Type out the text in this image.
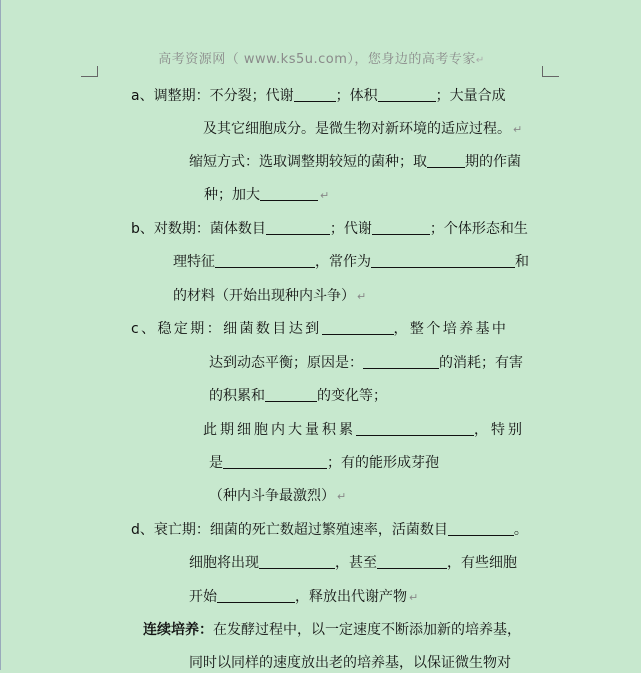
高考资源网（ www.ks5u.com），您身边的高考专家↵
a、调整期：不分裂；代谢	；体积	；大量合成
及其它细胞成分。是微生物对新环境的适应过程。 ↵
缩短方式：选取调整期较短的菌种；取	期的作菌
种；加大	↵
b、对数期：菌体数目	；代谢	；个体形态和生
理特征	，常作为	和
的材料（开始出现种内斗争） ↵
c、稳定期：细菌数目达到	，整个培养基中
达到动态平衡；原因是：	的消耗；有害
的积累和	的变化等；
此期细胞内大量积累	，特别
是	；有的能形成芽孢
（种内斗争最激烈） ↵
d、衰亡期：细菌的死亡数超过繁殖速率，活菌数目	。
细胞将出现	，甚至	，有些细胞
开始	，释放出代谢产物 ↵
连续培养：在发酵过程中，以一定速度不断添加新的培养基，
同时以同样的速度放出老的培养基，以保证微生物对
